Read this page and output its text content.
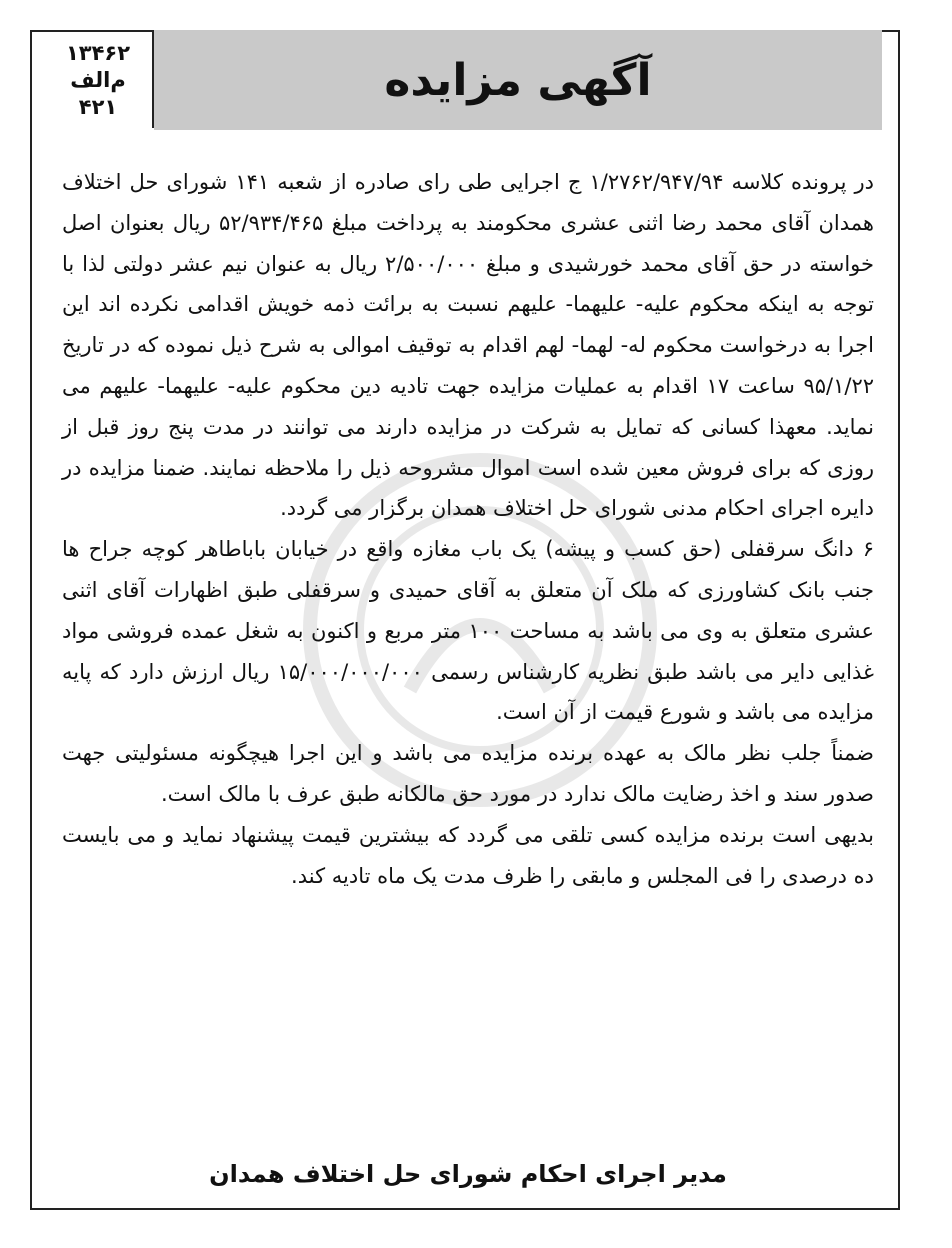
۱۳۴۶۲
م‌الف
۴۲۱
آگهی مزایده

در پرونده کلاسه ۱/۲۷۶۲/۹۴۷/۹۴ ج اجرایی طی رای صادره از شعبه ۱۴۱ شورای حل اختلاف همدان آقای محمد رضا اثنی عشری محکومند به پرداخت مبلغ ۵۲/۹۳۴/۴۶۵ ریال بعنوان اصل خواسته در حق آقای محمد خورشیدی و مبلغ ۲/۵۰۰/۰۰۰ ریال به عنوان نیم عشر دولتی لذا با توجه به اینکه محکوم علیه- علیهما- علیهم نسبت به برائت ذمه خویش اقدامی نکرده اند این اجرا به درخواست محکوم له- لهما- لهم اقدام به توقیف اموالی به شرح ذیل نموده که در تاریخ ۹۵/۱/۲۲ ساعت ۱۷ اقدام به عملیات مزایده جهت تادیه دین محکوم علیه- علیهما- علیهم می نماید. معهذا کسانی که تمایل به شرکت در مزایده دارند می توانند در مدت پنج روز قبل از روزی که برای فروش معین شده است اموال مشروحه ذیل را ملاحظه نمایند. ضمنا مزایده در دایره اجرای احکام مدنی شورای حل اختلاف همدان برگزار می گردد.

۶ دانگ سرقفلی (حق کسب و پیشه) یک باب مغازه واقع در خیابان باباطاهر کوچه جراح ها جنب بانک کشاورزی که ملک آن متعلق به آقای حمیدی و سرقفلی طبق اظهارات آقای اثنی عشری متعلق به وی می باشد به مساحت ۱۰۰ متر مربع و اکنون به شغل عمده فروشی مواد غذایی دایر می باشد طبق نظریه کارشناس رسمی ۱۵/۰۰۰/۰۰۰/۰۰۰ ریال ارزش دارد که پایه مزایده می باشد و شورع قیمت از آن است.

ضمناً جلب نظر مالک به عهده برنده مزایده می باشد و این اجرا هیچگونه مسئولیتی جهت صدور سند و اخذ رضایت مالک ندارد در مورد حق مالکانه طبق عرف با مالک است.

بدیهی است برنده مزایده کسی تلقی می گردد که بیشترین قیمت پیشنهاد نماید و می بایست ده درصدی را فی المجلس و مابقی را ظرف مدت یک ماه تادیه کند.

مدیر اجرای احکام شورای حل اختلاف همدان
